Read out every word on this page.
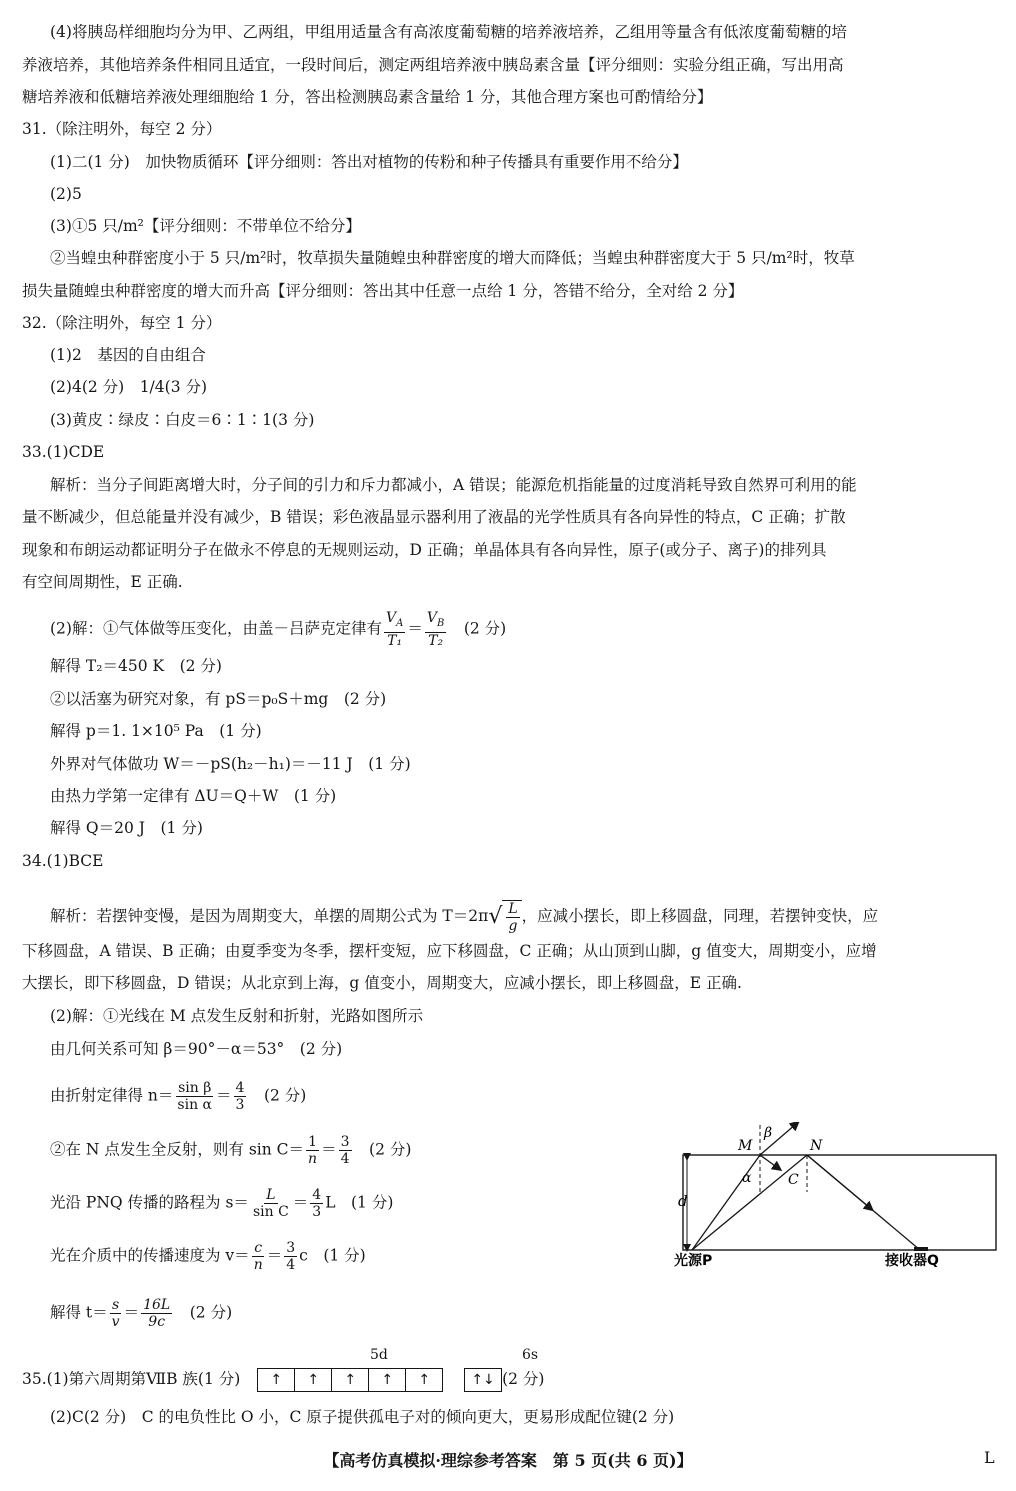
(4)将胰岛样细胞均分为甲、乙两组，甲组用适量含有高浓度葡萄糖的培养液培养，乙组用等量含有低浓度葡萄糖的培
养液培养，其他培养条件相同且适宜，一段时间后，测定两组培养液中胰岛素含量【评分细则：实验分组正确，写出用高
糖培养液和低糖培养液处理细胞给 1 分，答出检测胰岛素含量给 1 分，其他合理方案也可酌情给分】
31.（除注明外，每空 2 分）
(1)二(1 分)　加快物质循环【评分细则：答出对植物的传粉和种子传播具有重要作用不给分】
(2)5
(3)①5 只/m²【评分细则：不带单位不给分】
②当蝗虫种群密度小于 5 只/m²时，牧草损失量随蝗虫种群密度的增大而降低；当蝗虫种群密度大于 5 只/m²时，牧草
损失量随蝗虫种群密度的增大而升高【评分细则：答出其中任意一点给 1 分，答错不给分，全对给 2 分】
32.（除注明外，每空 1 分）
(1)2　基因的自由组合
(2)4(2 分)　1/4(3 分)
(3)黄皮∶绿皮∶白皮＝6∶1∶1(3 分)
33.(1)CDE
解析：当分子间距离增大时，分子间的引力和斥力都减小，A 错误；能源危机指能量的过度消耗导致自然界可利用的能
量不断减少，但总能量并没有减少，B 错误；彩色液晶显示器利用了液晶的光学性质具有各向异性的特点，C 正确；扩散
现象和布朗运动都证明分子在做永不停息的无规则运动，D 正确；单晶体具有各向异性，原子(或分子、离子)的排列具
有空间周期性，E 正确.
(2)解：①气体做等压变化，由盖－吕萨克定律有 $\frac{V_A}{\text{T₁}} = \frac{V_B}{\text{T₂}}$
　 (2 分)
解得 T₂＝450 K　(2 分)
②以活塞为研究对象，有 pS＝p₀S＋mg　(2 分)
解得 p＝1. 1×10⁵ Pa　(1 分)
外界对气体做功 W＝－pS(h₂－h₁)＝－11 J　(1 分)
由热力学第一定律有 ΔU＝Q＋W　(1 分)
解得 Q＝20 J　(1 分)
34.(1)BCE
解析：若摆钟变慢，是因为周期变大，单摆的周期公式为 T＝2π √ $\frac{L}{g}$ ，应减小摆长，即上移圆盘，同理，若摆钟变快，应
下移圆盘，A 错误、B 正确；由夏季变为冬季，摆杆变短，应下移圆盘，C 正确；从山顶到山脚，g 值变大，周期变小，应增
大摆长，即下移圆盘，D 错误；从北京到上海，g 值变小，周期变大，应减小摆长，即上移圆盘，E 正确.
(2)解：①光线在 M 点发生反射和折射，光路如图所示
由几何关系可知 β＝90°－α＝53°　(2 分)
由折射定律得 $n= \frac{\text{sin β}}{\text{sin α}} = \frac{4}{3}$
　 (2 分)
②在 N 点发生全反射，则有 $\sin C= \frac{1}{n} = \frac{3}{4}$
　 (2 分)
光沿 PNQ 传播的路程为 $s= \frac{L}{\text{sin C}} = \frac{4}{3}$ L　(1 分)
光在介质中的传播速度为 $v= \frac{c}{n} = \frac{3}{4}$ c　(1 分)
解得 $t= \frac{s}{v} = \frac{16L}{9c}$
　 (2 分)
d
M	N
β
α	C
光源P	接收器Q
5d	6s
35.(1)第六周期第ⅦB 族(1 分) ↑ ↑ ↑ ↑ ↑	↑↓ (2 分)
(2)C(2 分)　C 的电负性比 O 小，C 原子提供孤电子对的倾向更大，更易形成配位键(2 分)
【高考仿真模拟·理综参考答案　第 5 页(共 6 页)】	L
